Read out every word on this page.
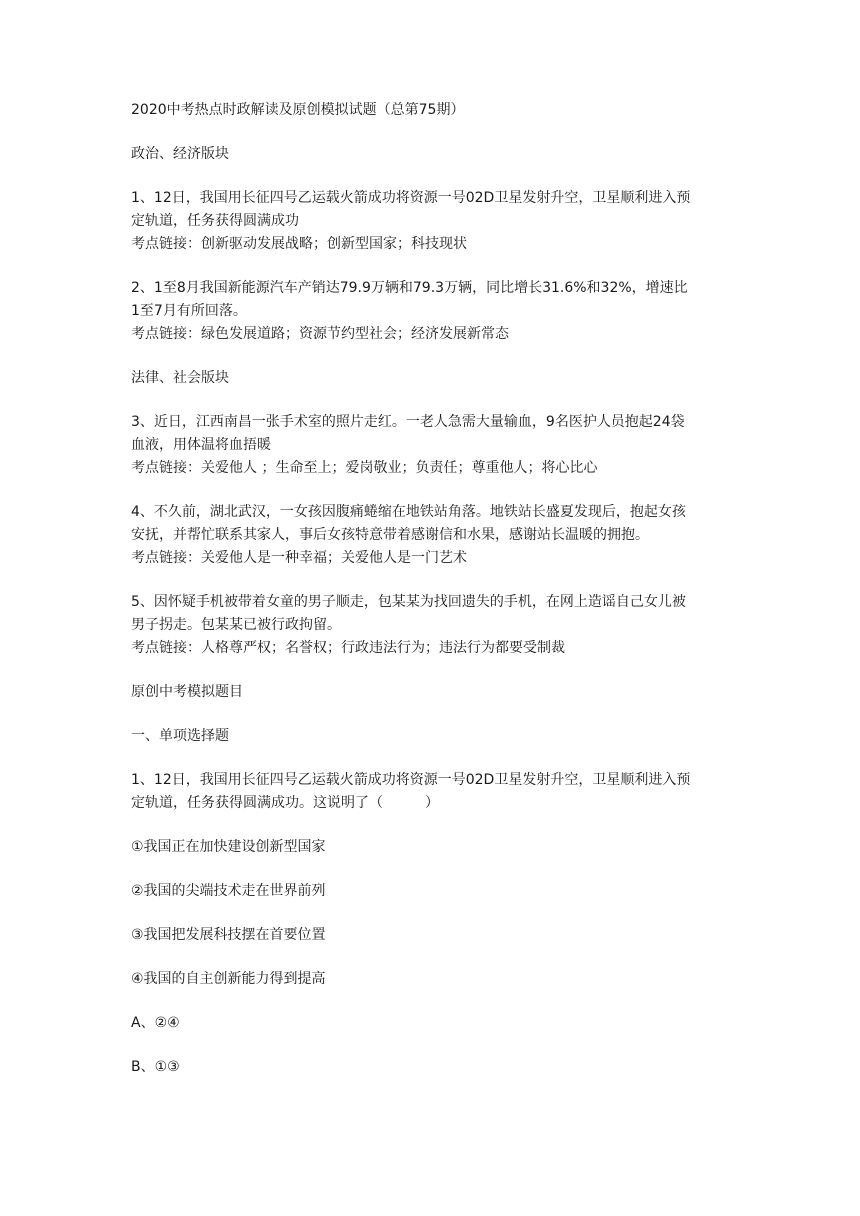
2020中考热点时政解读及原创模拟试题（总第75期）

政治、经济版块

1、12日，我国用长征四号乙运载火箭成功将资源一号02D卫星发射升空，卫星顺利进入预

定轨道，任务获得圆满成功

考点链接：创新驱动发展战略；创新型国家；科技现状

2、1至8月我国新能源汽车产销达79.9万辆和79.3万辆，同比增长31.6%和32%，增速比

1至7月有所回落。

考点链接：绿色发展道路；资源节约型社会；经济发展新常态

法律、社会版块

3、近日，江西南昌一张手术室的照片走红。一老人急需大量输血，9名医护人员抱起24袋

血液，用体温将血捂暖

考点链接：关爱他人 ；生命至上；爱岗敬业；负责任；尊重他人；将心比心

4、不久前，湖北武汉，一女孩因腹痛蜷缩在地铁站角落。地铁站长盛夏发现后，抱起女孩

安抚，并帮忙联系其家人，事后女孩特意带着感谢信和水果，感谢站长温暖的拥抱。

考点链接：关爱他人是一种幸福；关爱他人是一门艺术

5、因怀疑手机被带着女童的男子顺走，包某某为找回遗失的手机，在网上造谣自己女儿被

男子拐走。包某某已被行政拘留。

考点链接：人格尊严权；名誉权；行政违法行为；违法行为都要受制裁

原创中考模拟题目

一、单项选择题

1、12日，我国用长征四号乙运载火箭成功将资源一号02D卫星发射升空，卫星顺利进入预

定轨道，任务获得圆满成功。这说明了（　　　）

①我国正在加快建设创新型国家

②我国的尖端技术走在世界前列

③我国把发展科技摆在首要位置

④我国的自主创新能力得到提高

A、②④

B、①③
